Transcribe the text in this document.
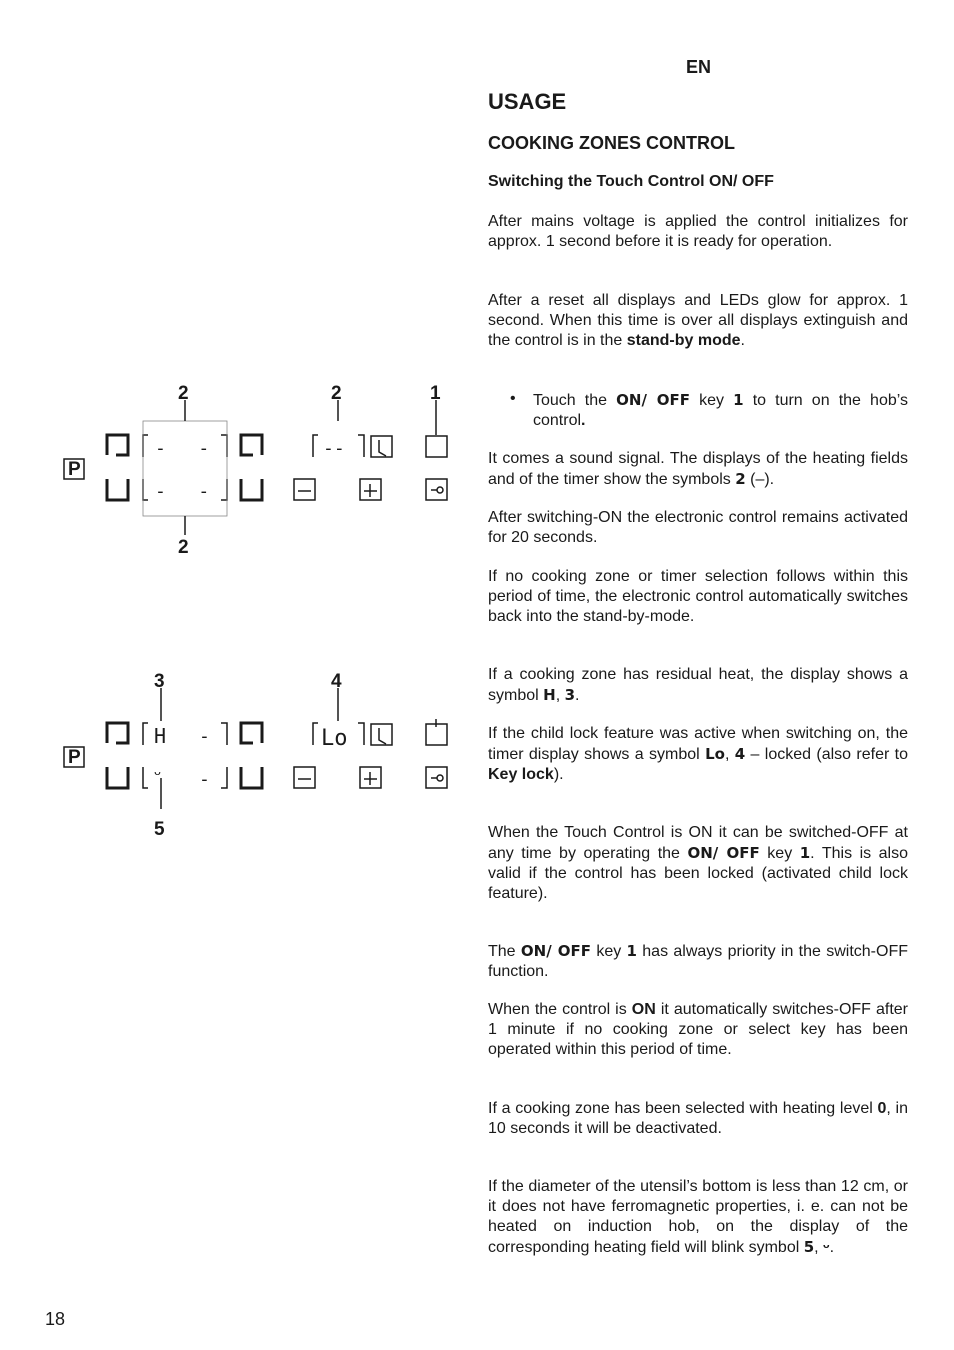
EN
USAGE
COOKING ZONES CONTROL
Switching the Touch Control ON/ OFF

After mains voltage is applied the control initializes for approx. 1 second before it is ready for operation.

After a reset all displays and LEDs glow for approx. 1 second. When this time is over all displays extinguish and the control is in the stand-by mode.

• Touch the ON/ OFF key 1 to turn on the hob’s control.

It comes a sound signal. The displays of the heating fields and of the timer show the symbols 2 (–).

After switching-ON the electronic control remains activated for 20 seconds.

If no cooking zone or timer selection follows within this period of time, the electronic control automatically switches back into the stand-by-mode.

If a cooking zone has residual heat, the display shows a symbol H, 3.

If the child lock feature was active when switching on, the timer display shows a symbol Lo, 4 – locked (also refer to Key lock).

When the Touch Control is ON it can be switched-OFF at any time by operating the ON/ OFF key 1. This is also valid if the control has been locked (activated child lock feature).

The ON/ OFF key 1 has always priority in the switch-OFF function.

When the control is ON it automatically switches-OFF after 1 minute if no cooking zone or select key has been operated within this period of time.

If a cooking zone has been selected with heating level 0, in 10 seconds it will be deactivated.

If the diameter of the utensil’s bottom is less than 12 cm, or it does not have ferromagnetic properties, i. e. can not be heated on induction hob, on the display of the corresponding heating field will blink symbol 5, ᵕ.

P
2	2	1
2
-   -
-   -
--
P
3	4
5
H -
ᵕ -
Lo
18
